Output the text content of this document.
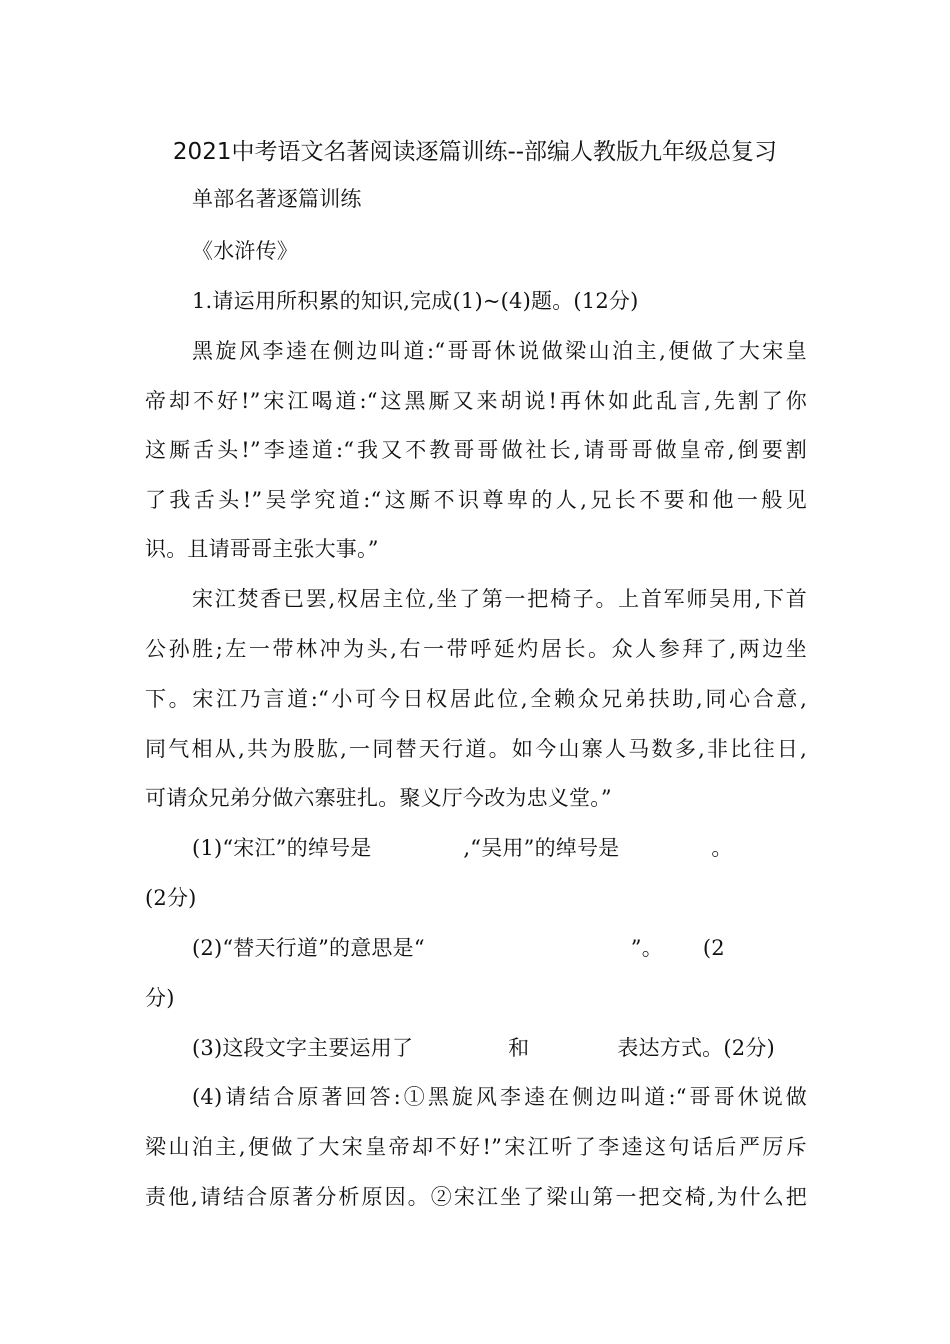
2021中考语文名著阅读逐篇训练--部编人教版九年级总复习
单部名著逐篇训练
《水浒传》
1.请运用所积累的知识,完成(1)~(4)题。(12分)
黑旋风李逵在侧边叫道:“哥哥休说做梁山泊主,便做了大宋皇
帝却不好!”宋江喝道:“这黑厮又来胡说!再休如此乱言,先割了你
这厮舌头!”李逵道:“我又不教哥哥做社长,请哥哥做皇帝,倒要割
了我舌头!”吴学究道:“这厮不识尊卑的人,兄长不要和他一般见
识。且请哥哥主张大事。”
宋江焚香已罢,权居主位,坐了第一把椅子。上首军师吴用,下首
公孙胜;左一带林冲为头,右一带呼延灼居长。众人参拜了,两边坐
下。宋江乃言道:“小可今日权居此位,全赖众兄弟扶助,同心合意,
同气相从,共为股肱,一同替天行道。如今山寨人马数多,非比往日,
可请众兄弟分做六寨驻扎。聚义厅今改为忠义堂。”
(1)“宋江”的绰号是	,“吴用”的绰号是	。
(2分)
(2)“替天行道”的意思是“	”。 (2
分)
(3)这段文字主要运用了	和	表达方式。(2分)
(4)请结合原著回答:①黑旋风李逵在侧边叫道:“哥哥休说做
梁山泊主,便做了大宋皇帝却不好!”宋江听了李逵这句话后严厉斥
责他,请结合原著分析原因。②宋江坐了梁山第一把交椅,为什么把
